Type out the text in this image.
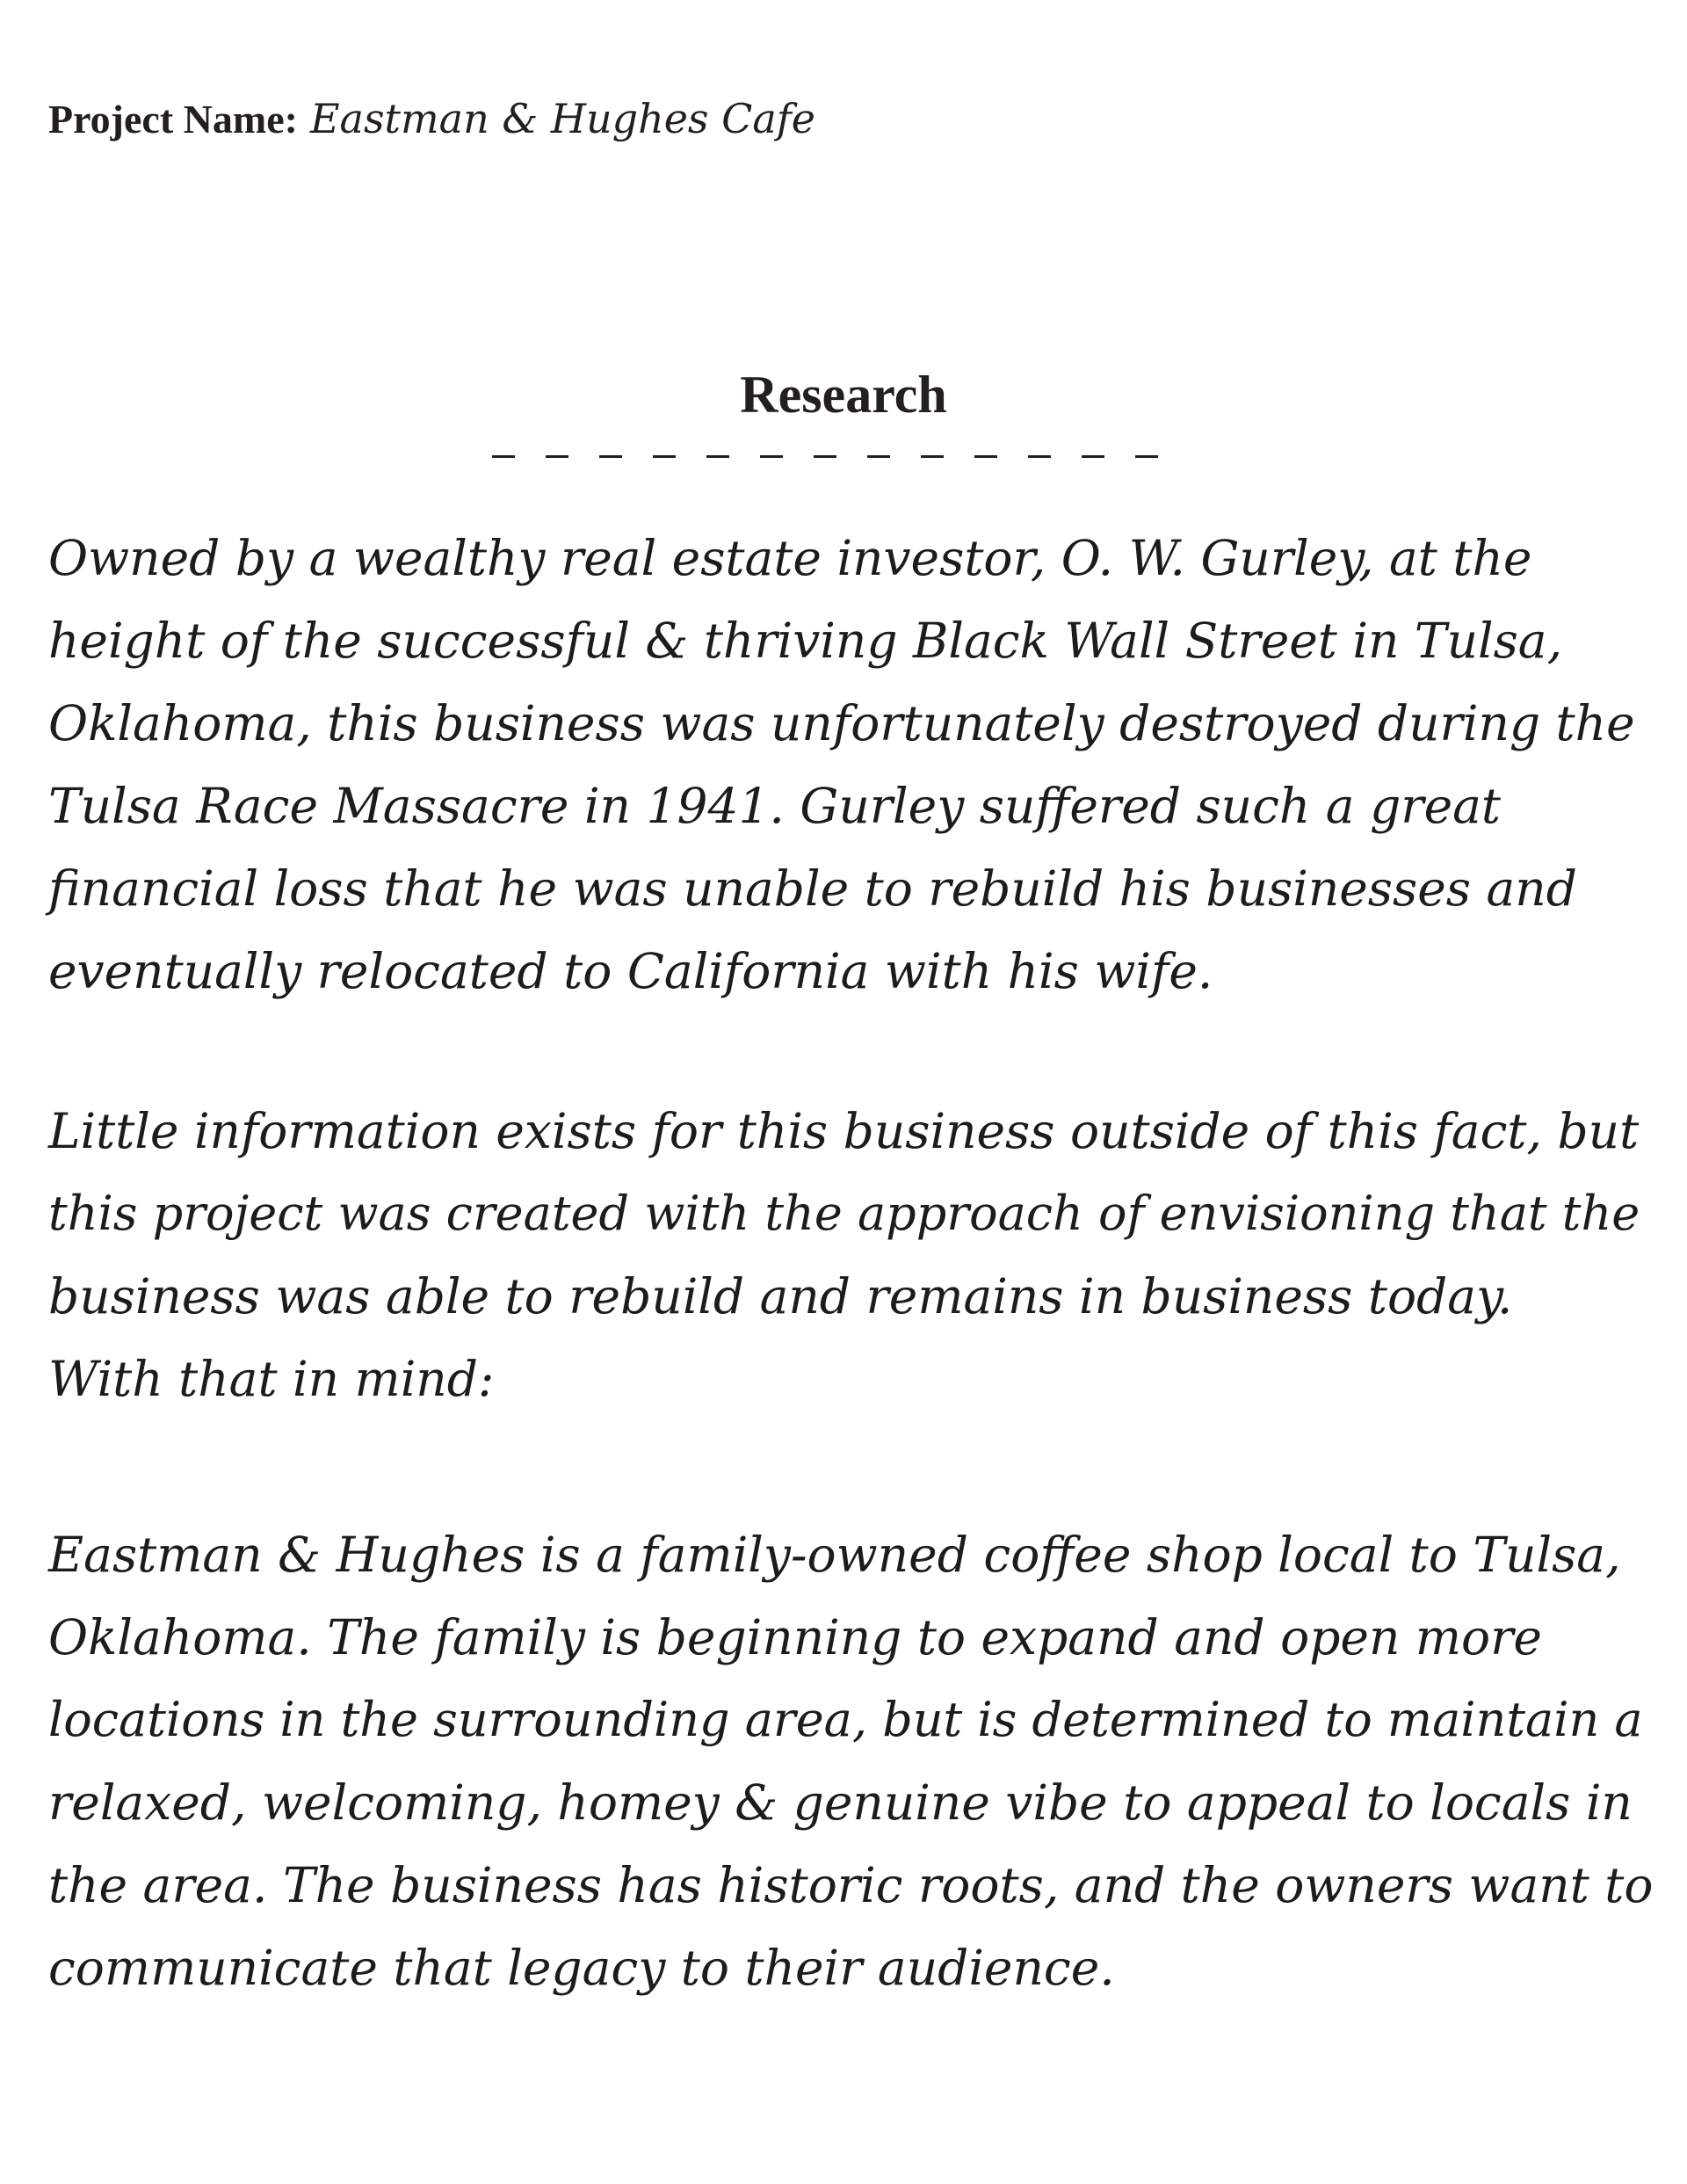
Project Name: Eastman & Hughes Cafe
Research
Owned by a wealthy real estate investor, O. W. Gurley, at the
height of the successful & thriving Black Wall Street in Tulsa,
Oklahoma, this business was unfortunately destroyed during the
Tulsa Race Massacre in 1941. Gurley suffered such a great
financial loss that he was unable to rebuild his businesses and
eventually relocated to California with his wife.
Little information exists for this business outside of this fact, but
this project was created with the approach of envisioning that the
business was able to rebuild and remains in business today.
With that in mind:
Eastman & Hughes is a family-owned coffee shop local to Tulsa,
Oklahoma. The family is beginning to expand and open more
locations in the surrounding area, but is determined to maintain a
relaxed, welcoming, homey & genuine vibe to appeal to locals in
the area. The business has historic roots, and the owners want to
communicate that legacy to their audience.
